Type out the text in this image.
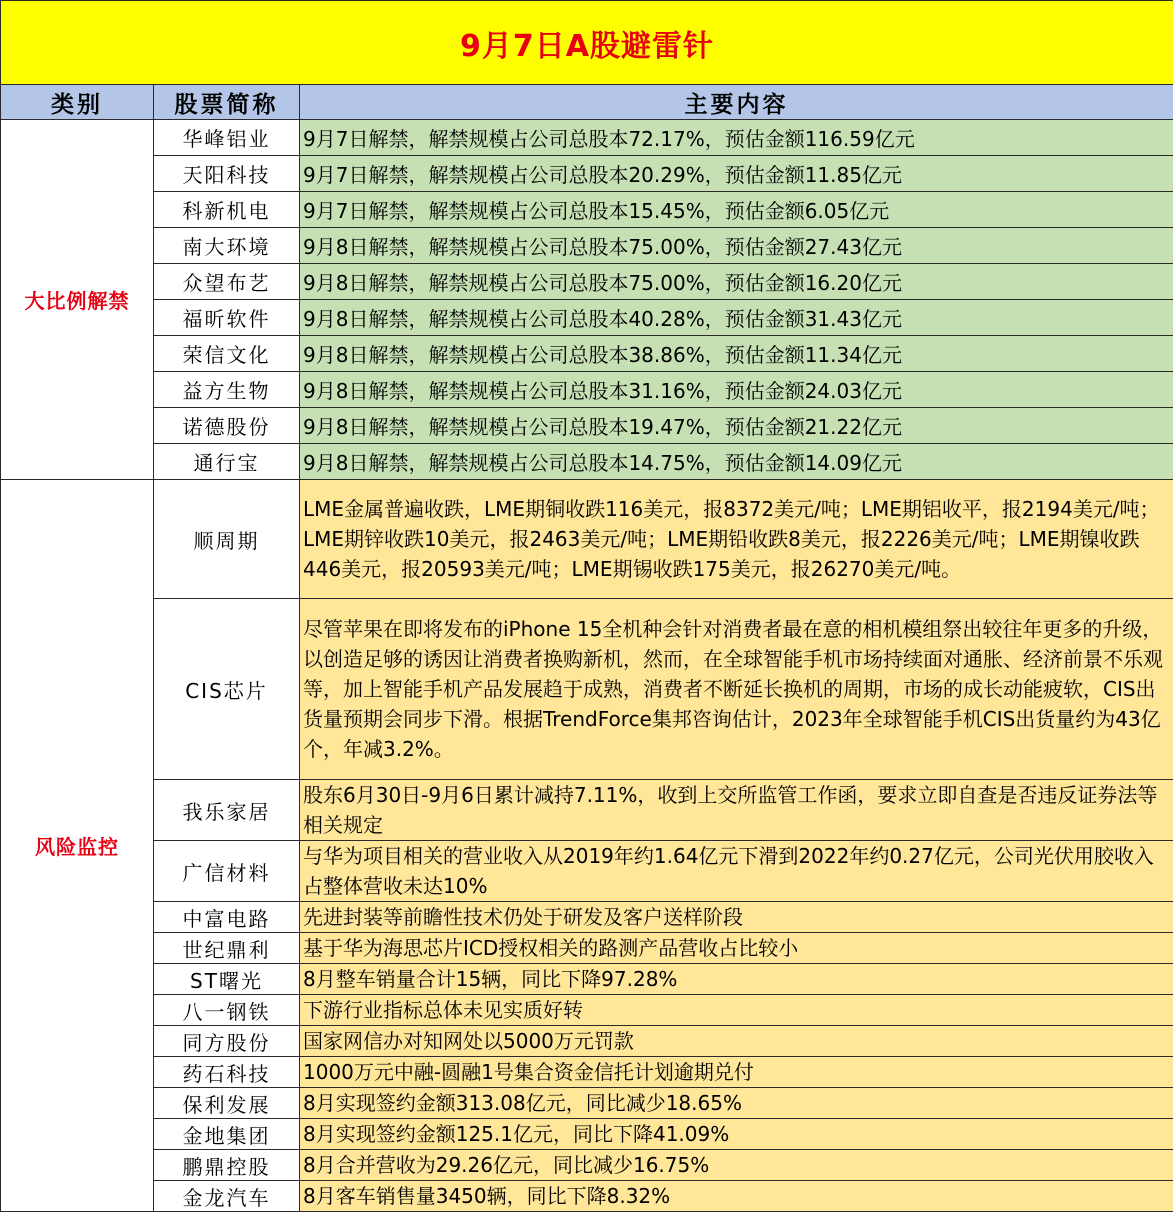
9月7日A股避雷针		
类别	股票简称	主要内容
大比例解禁	华峰铝业	9月7日解禁，解禁规模占公司总股本72.17%，预估金额116.59亿元
	天阳科技	9月7日解禁，解禁规模占公司总股本20.29%，预估金额11.85亿元
	科新机电	9月7日解禁，解禁规模占公司总股本15.45%，预估金额6.05亿元
	南大环境	9月8日解禁，解禁规模占公司总股本75.00%，预估金额27.43亿元
	众望布艺	9月8日解禁，解禁规模占公司总股本75.00%，预估金额16.20亿元
	福昕软件	9月8日解禁，解禁规模占公司总股本40.28%，预估金额31.43亿元
	荣信文化	9月8日解禁，解禁规模占公司总股本38.86%，预估金额11.34亿元
	益方生物	9月8日解禁，解禁规模占公司总股本31.16%，预估金额24.03亿元
	诺德股份	9月8日解禁，解禁规模占公司总股本19.47%，预估金额21.22亿元
	通行宝	9月8日解禁，解禁规模占公司总股本14.75%，预估金额14.09亿元
风险监控	顺周期	LME金属普遍收跌，LME期铜收跌116美元，报8372美元/吨；LME期铝收平，报2194美元/吨；LME期锌收跌10美元，报2463美元/吨；LME期铅收跌8美元，报2226美元/吨；LME期镍收跌446美元，报20593美元/吨；LME期锡收跌175美元，报26270美元/吨。
	CIS芯片	尽管苹果在即将发布的iPhone 15全机种会针对消费者最在意的相机模组祭出较往年更多的升级，以创造足够的诱因让消费者换购新机，然而，在全球智能手机市场持续面对通胀、经济前景不乐观等，加上智能手机产品发展趋于成熟，消费者不断延长换机的周期，市场的成长动能疲软，CIS出货量预期会同步下滑。根据TrendForce集邦咨询估计，2023年全球智能手机CIS出货量约为43亿个，年减3.2%。
	我乐家居	股东6月30日-9月6日累计减持7.11%，收到上交所监管工作函，要求立即自查是否违反证券法等相关规定
	广信材料	与华为项目相关的营业收入从2019年约1.64亿元下滑到2022年约0.27亿元，公司光伏用胶收入占整体营收未达10%
	中富电路	先进封装等前瞻性技术仍处于研发及客户送样阶段
	世纪鼎利	基于华为海思芯片ICD授权相关的路测产品营收占比较小
	ST曙光	8月整车销量合计15辆，同比下降97.28%
	八一钢铁	下游行业指标总体未见实质好转
	同方股份	国家网信办对知网处以5000万元罚款
	药石科技	1000万元中融-圆融1号集合资金信托计划逾期兑付
	保利发展	8月实现签约金额313.08亿元，同比减少18.65%
	金地集团	8月实现签约金额125.1亿元，同比下降41.09%
	鹏鼎控股	8月合并营收为29.26亿元，同比减少16.75%
	金龙汽车	8月客车销售量3450辆，同比下降8.32%
